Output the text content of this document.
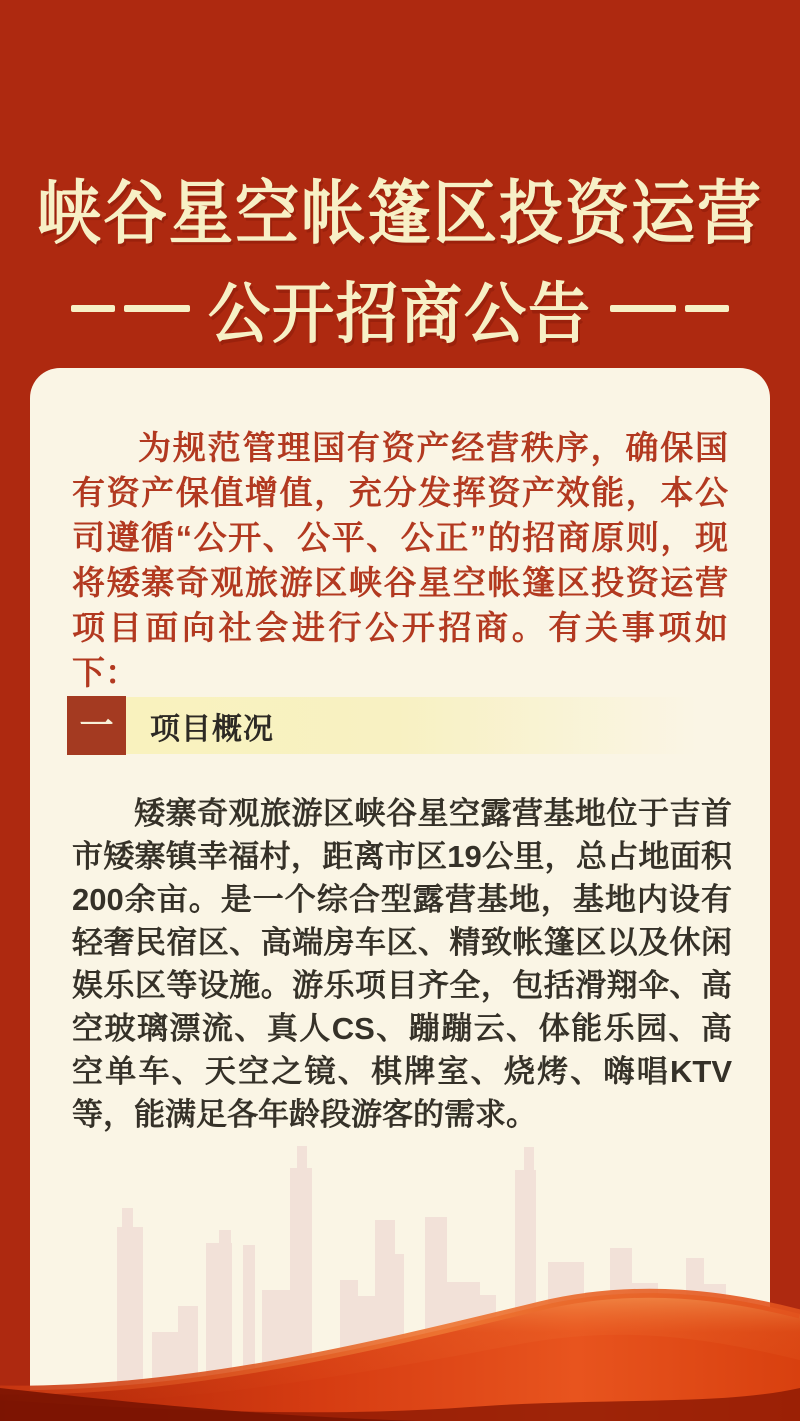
峡谷星空帐篷区投资运营
公开招商公告

为规范管理国有资产经营秩序，确保国有资产保值增值，充分发挥资产效能，本公司遵循“公开、公平、公正”的招商原则，现将矮寨奇观旅游区峡谷星空帐篷区投资运营项目面向社会进行公开招商。有关事项如下：

一	项目概况

矮寨奇观旅游区峡谷星空露营基地位于吉首市矮寨镇幸福村，距离市区19公里，总占地面积200余亩。是一个综合型露营基地，基地内设有轻奢民宿区、高端房车区、精致帐篷区以及休闲娱乐区等设施。游乐项目齐全，包括滑翔伞、高空玻璃漂流、真人CS、蹦蹦云、体能乐园、高空单车、天空之镜、棋牌室、烧烤、嗨唱KTV等，能满足各年龄段游客的需求。
